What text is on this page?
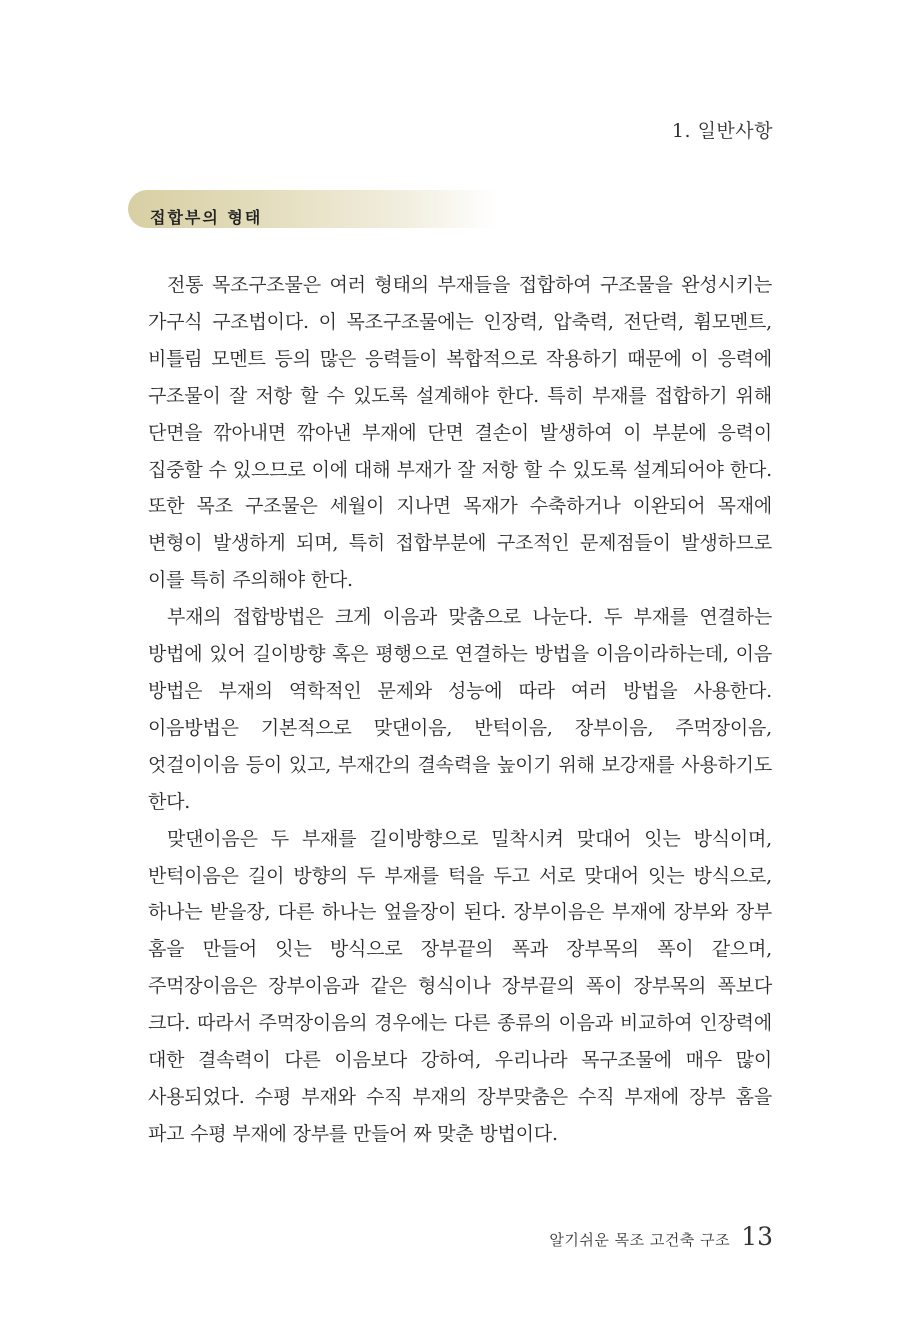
1. 일반사항
접합부의 형태

전통 목조구조물은 여러 형태의 부재들을 접합하여 구조물을 완성시키는 가구식 구조법이다. 이 목조구조물에는 인장력, 압축력, 전단력, 휨모멘트, 비틀림 모멘트 등의 많은 응력들이 복합적으로 작용하기 때문에 이 응력에 구조물이 잘 저항 할 수 있도록 설계해야 한다. 특히 부재를 접합하기 위해 단면을 깎아내면 깎아낸 부재에 단면 결손이 발생하여 이 부분에 응력이 집중할 수 있으므로 이에 대해 부재가 잘 저항 할 수 있도록 설계되어야 한다. 또한 목조 구조물은 세월이 지나면 목재가 수축하거나 이완되어 목재에 변형이 발생하게 되며, 특히 접합부분에 구조적인 문제점들이 발생하므로 이를 특히 주의해야 한다.

부재의 접합방법은 크게 이음과 맞춤으로 나눈다. 두 부재를 연결하는 방법에 있어 길이방향 혹은 평행으로 연결하는 방법을 이음이라하는데, 이음 방법은 부재의 역학적인 문제와 성능에 따라 여러 방법을 사용한다. 이음방법은 기본적으로 맞댄이음, 반턱이음, 장부이음, 주먹장이음, 엇걸이이음 등이 있고, 부재간의 결속력을 높이기 위해 보강재를 사용하기도 한다.

맞댄이음은 두 부재를 길이방향으로 밀착시켜 맞대어 잇는 방식이며, 반턱이음은 길이 방향의 두 부재를 턱을 두고 서로 맞대어 잇는 방식으로, 하나는 받을장, 다른 하나는 엎을장이 된다. 장부이음은 부재에 장부와 장부 홈을 만들어 잇는 방식으로 장부끝의 폭과 장부목의 폭이 같으며, 주먹장이음은 장부이음과 같은 형식이나 장부끝의 폭이 장부목의 폭보다 크다. 따라서 주먹장이음의 경우에는 다른 종류의 이음과 비교하여 인장력에 대한 결속력이 다른 이음보다 강하여, 우리나라 목구조물에 매우 많이 사용되었다. 수평 부재와 수직 부재의 장부맞춤은 수직 부재에 장부 홈을 파고 수평 부재에 장부를 만들어 짜 맞춘 방법이다.

알기쉬운 목조 고건축 구조 13
